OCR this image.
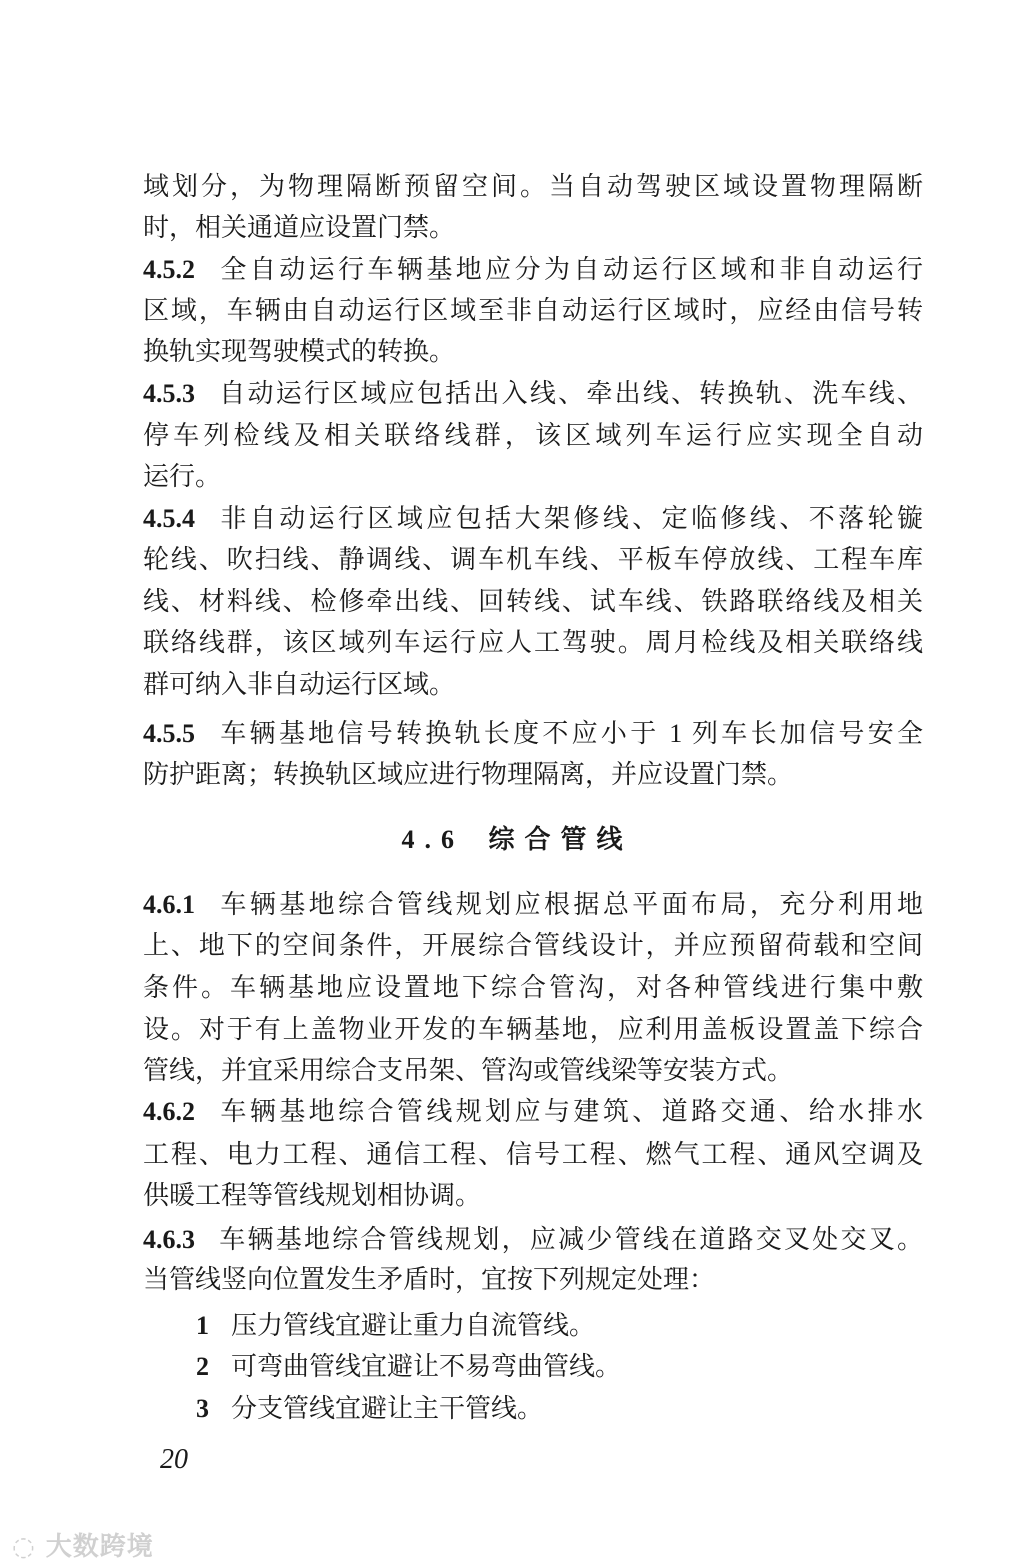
域划分，为物理隔断预留空间。当自动驾驶区域设置物理隔断
时，相关通道应设置门禁。
4.5.2 全自动运行车辆基地应分为自动运行区域和非自动运行
区域，车辆由自动运行区域至非自动运行区域时，应经由信号转
换轨实现驾驶模式的转换。
4.5.3 自动运行区域应包括出入线、牵出线、转换轨、洗车线、
停车列检线及相关联络线群，该区域列车运行应实现全自动
运行。
4.5.4 非自动运行区域应包括大架修线、定临修线、不落轮镟
轮线、吹扫线、静调线、调车机车线、平板车停放线、工程车库
线、材料线、检修牵出线、回转线、试车线、铁路联络线及相关
联络线群，该区域列车运行应人工驾驶。周月检线及相关联络线
群可纳入非自动运行区域。
4.5.5 车辆基地信号转换轨长度不应小于 1 列车长加信号安全
防护距离；转换轨区域应进行物理隔离，并应设置门禁。
4.6.1 车辆基地综合管线规划应根据总平面布局，充分利用地
上、地下的空间条件，开展综合管线设计，并应预留荷载和空间
条件。车辆基地应设置地下综合管沟，对各种管线进行集中敷
设。对于有上盖物业开发的车辆基地，应利用盖板设置盖下综合
管线，并宜采用综合支吊架、管沟或管线梁等安装方式。
4.6.2 车辆基地综合管线规划应与建筑、道路交通、给水排水
工程、电力工程、通信工程、信号工程、燃气工程、通风空调及
供暖工程等管线规划相协调。
4.6.3 车辆基地综合管线规划，应减少管线在道路交叉处交叉。
当管线竖向位置发生矛盾时，宜按下列规定处理：
1 压力管线宜避让重力自流管线。
2 可弯曲管线宜避让不易弯曲管线。
3 分支管线宜避让主干管线。
4.6 综合管线
20
◌ 大数跨境
